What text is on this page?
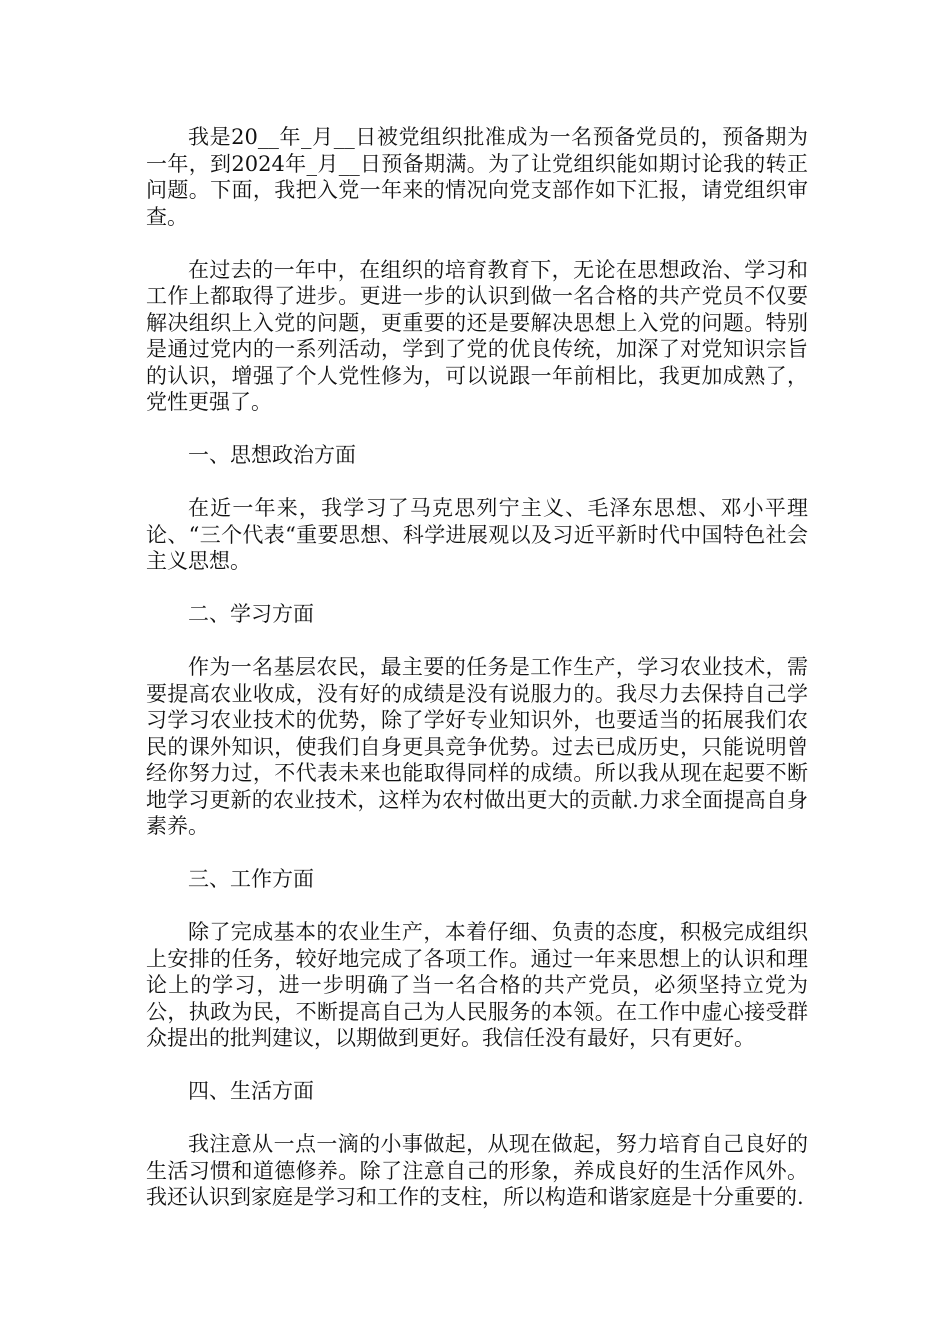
我是20__年_月__日被党组织批准成为一名预备党员的，预备期为一年，到2024年_月__日预备期满。为了让党组织能如期讨论我的转正问题。下面，我把入党一年来的情况向党支部作如下汇报，请党组织审查。

在过去的一年中，在组织的培育教育下，无论在思想政治、学习和工作上都取得了进步。更进一步的认识到做一名合格的共产党员不仅要解决组织上入党的问题，更重要的还是要解决思想上入党的问题。特别是通过党内的一系列活动，学到了党的优良传统，加深了对党知识宗旨的认识，增强了个人党性修为，可以说跟一年前相比，我更加成熟了，党性更强了。

一、思想政治方面

在近一年来，我学习了马克思列宁主义、毛泽东思想、邓小平理论、“三个代表“重要思想、科学进展观以及习近平新时代中国特色社会主义思想。

二、学习方面

作为一名基层农民，最主要的任务是工作生产，学习农业技术，需要提高农业收成，没有好的成绩是没有说服力的。我尽力去保持自己学习学习农业技术的优势，除了学好专业知识外，也要适当的拓展我们农民的课外知识，使我们自身更具竞争优势。过去已成历史，只能说明曾经你努力过，不代表未来也能取得同样的成绩。所以我从现在起要不断地学习更新的农业技术，这样为农村做出更大的贡献.力求全面提高自身素养。

三、工作方面

除了完成基本的农业生产，本着仔细、负责的态度，积极完成组织上安排的任务，较好地完成了各项工作。通过一年来思想上的认识和理论上的学习，进一步明确了当一名合格的共产党员，必须坚持立党为公，执政为民，不断提高自己为人民服务的本领。在工作中虚心接受群众提出的批判建议，以期做到更好。我信任没有最好，只有更好。

四、生活方面

我注意从一点一滴的小事做起，从现在做起，努力培育自己良好的生活习惯和道德修养。除了注意自己的形象，养成良好的生活作风外。我还认识到家庭是学习和工作的支柱，所以构造和谐家庭是十分重要的.
